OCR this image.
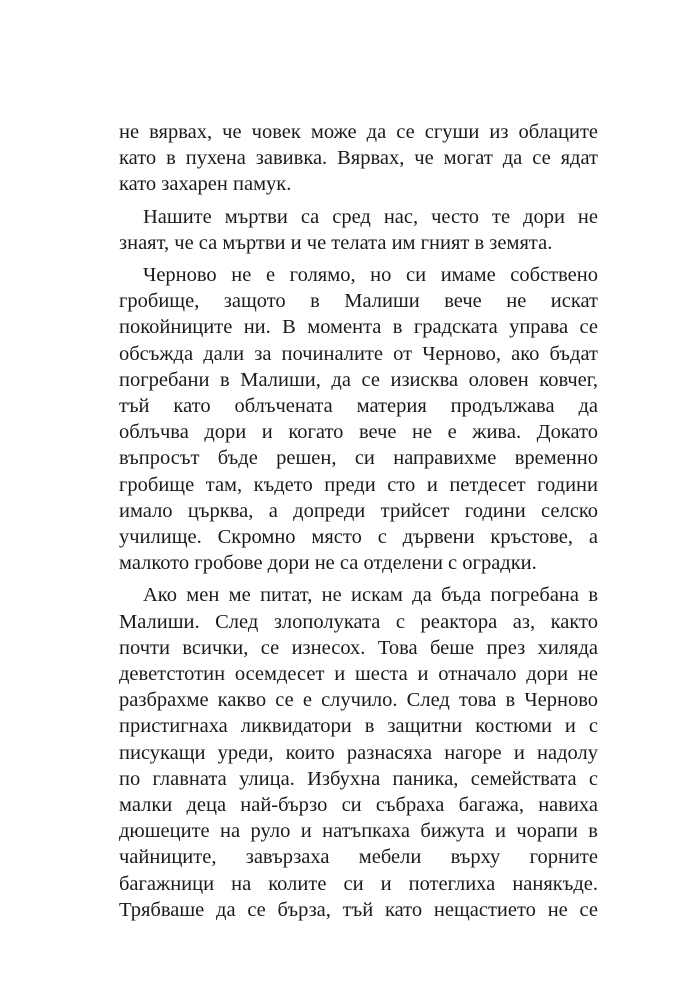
не вярвах, че човек може да се сгуши из облаците
като в пухена завивка. Вярвах, че могат да се ядат
като захарен памук.

Нашите мъртви са сред нас, често те дори не
знаят, че са мъртви и че телата им гният в земята.

Черново не е голямо, но си имаме собствено
гробище, защото в Малиши вече не искат
покойниците ни. В момента в градската управа се
обсъжда дали за починалите от Черново, ако бъдат
погребани в Малиши, да се изисква оловен ковчег,
тъй като облъчената материя продължава да
облъчва дори и когато вече не е жива. Докато
въпросът бъде решен, си направихме временно
гробище там, където преди сто и петдесет години
имало църква, а допреди трийсет години селско
училище. Скромно място с дървени кръстове, а
малкото гробове дори не са отделени с оградки.

Ако мен ме питат, не искам да бъда погребана в
Малиши. След злополуката с реактора аз, както
почти всички, се изнесох. Това беше през хиляда
деветстотин осемдесет и шеста и отначало дори не
разбрахме какво се е случило. След това в Черново
пристигнаха ликвидатори в защитни костюми и с
писукащи уреди, които разнасяха нагоре и надолу
по главната улица. Избухна паника, семействата с
малки деца най-бързо си събраха багажа, навиха
дюшеците на руло и натъпкаха бижута и чорапи в
чайниците, завързаха мебели върху горните
багажници на колите си и потеглиха нанякъде.
Трябваше да се бърза, тъй като нещастието не се
